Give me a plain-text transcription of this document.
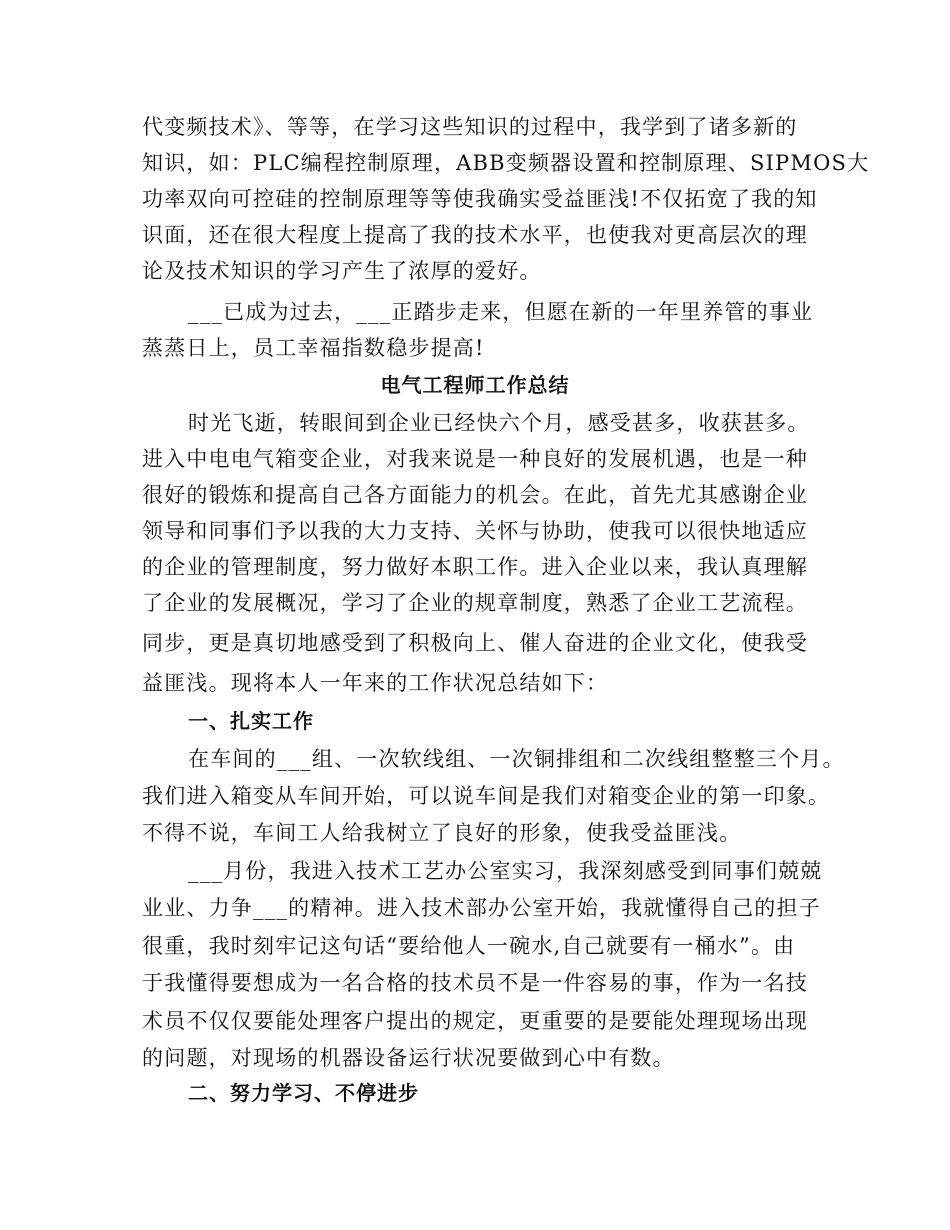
代变频技术》、等等，在学习这些知识的过程中，我学到了诸多新的
知识，如：PLC编程控制原理，ABB变频器设置和控制原理、SIPMOS大
功率双向可控硅的控制原理等等使我确实受益匪浅!不仅拓宽了我的知
识面，还在很大程度上提高了我的技术水平，也使我对更高层次的理
论及技术知识的学习产生了浓厚的爱好。
___已成为过去，___正踏步走来，但愿在新的一年里养管的事业
蒸蒸日上，员工幸福指数稳步提高!
电气工程师工作总结
时光飞逝，转眼间到企业已经快六个月，感受甚多，收获甚多。
进入中电电气箱变企业，对我来说是一种良好的发展机遇，也是一种
很好的锻炼和提高自己各方面能力的机会。在此，首先尤其感谢企业
领导和同事们予以我的大力支持、关怀与协助，使我可以很快地适应
的企业的管理制度，努力做好本职工作。进入企业以来，我认真理解
了企业的发展概况，学习了企业的规章制度，熟悉了企业工艺流程。
同步，更是真切地感受到了积极向上、催人奋进的企业文化，使我受
益匪浅。现将本人一年来的工作状况总结如下：
一、扎实工作
在车间的___组、一次软线组、一次铜排组和二次线组整整三个月。
我们进入箱变从车间开始，可以说车间是我们对箱变企业的第一印象。
不得不说，车间工人给我树立了良好的形象，使我受益匪浅。
___月份，我进入技术工艺办公室实习，我深刻感受到同事们兢兢
业业、力争___的精神。进入技术部办公室开始，我就懂得自己的担子
很重，我时刻牢记这句话“要给他人一碗水,自己就要有一桶水”。由
于我懂得要想成为一名合格的技术员不是一件容易的事，作为一名技
术员不仅仅要能处理客户提出的规定，更重要的是要能处理现场出现
的问题，对现场的机器设备运行状况要做到心中有数。
二、努力学习、不停进步
